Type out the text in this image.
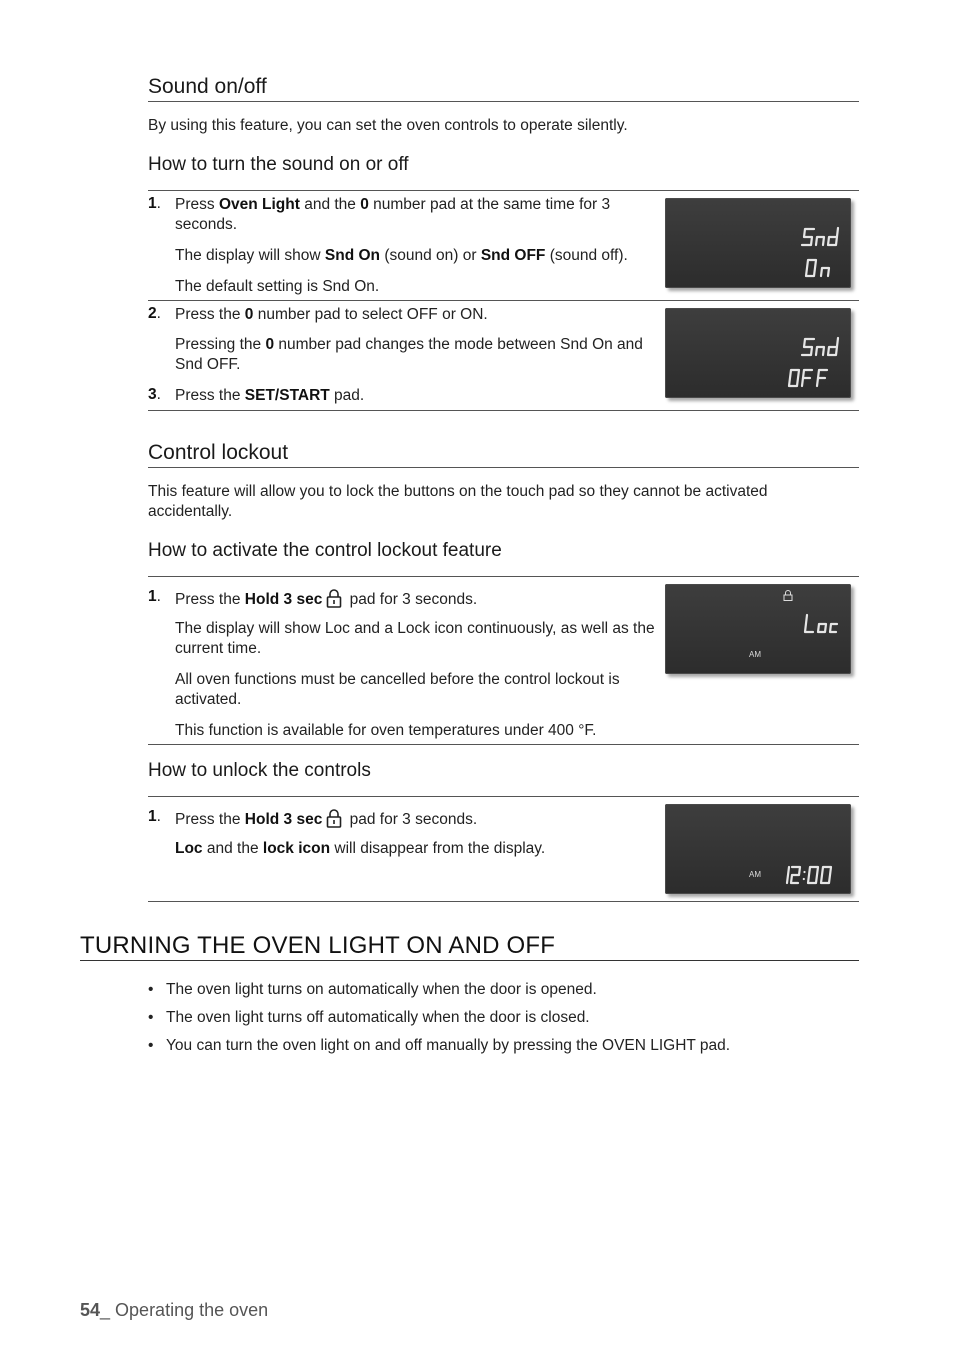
Sound on/off
By using this feature, you can set the oven controls to operate silently.
How to turn the sound on or off
1. Press Oven Light and the 0 number pad at the same time for 3 seconds.
The display will show Snd On (sound on) or Snd OFF (sound off).
The default setting is Snd On.
2. Press the 0 number pad to select OFF or ON.
Pressing the 0 number pad changes the mode between Snd On and Snd OFF.
3. Press the SET/START pad.
Control lockout
This feature will allow you to lock the buttons on the touch pad so they cannot be activated accidentally.
How to activate the control lockout feature
1. Press the Hold 3 sec pad for 3 seconds.
The display will show Loc and a Lock icon continuously, as well as the current time.
All oven functions must be cancelled before the control lockout is activated.
This function is available for oven temperatures under 400 °F.
AM
How to unlock the controls
1. Press the Hold 3 sec pad for 3 seconds.
Loc and the lock icon will disappear from the display.
AM
TURNING THE OVEN LIGHT ON AND OFF
• The oven light turns on automatically when the door is opened.
• The oven light turns off automatically when the door is closed.
• You can turn the oven light on and off manually by pressing the OVEN LIGHT pad.
54_ Operating the oven
